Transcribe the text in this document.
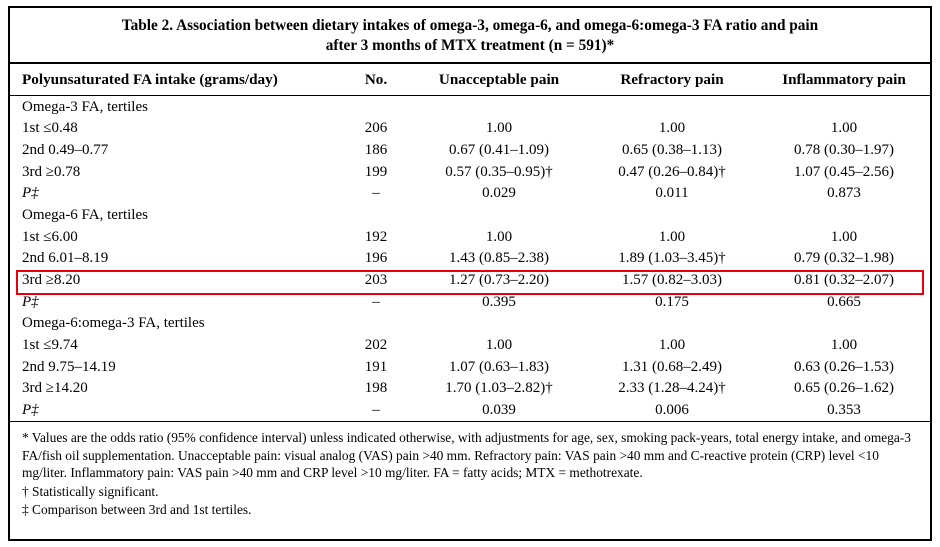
Table 2. Association between dietary intakes of omega-3, omega-6, and omega-6:omega-3 FA ratio and pain
after 3 months of MTX treatment (n = 591)*
Polyunsaturated FA intake (grams/day)	No.	Unacceptable pain	Refractory pain	Inflammatory pain
Omega-3 FA, tertiles				
1st ≤0.48	206	1.00	1.00	1.00
2nd 0.49–0.77	186	0.67 (0.41–1.09)	0.65 (0.38–1.13)	0.78 (0.30–1.97)
3rd ≥0.78	199	0.57 (0.35–0.95)†	0.47 (0.26–0.84)†	1.07 (0.45–2.56)
P‡	–	0.029	0.011	0.873
Omega-6 FA, tertiles				
1st ≤6.00	192	1.00	1.00	1.00
2nd 6.01–8.19	196	1.43 (0.85–2.38)	1.89 (1.03–3.45)†	0.79 (0.32–1.98)
3rd ≥8.20	203	1.27 (0.73–2.20)	1.57 (0.82–3.03)	0.81 (0.32–2.07)
P‡	–	0.395	0.175	0.665
Omega-6:omega-3 FA, tertiles				
1st ≤9.74	202	1.00	1.00	1.00
2nd 9.75–14.19	191	1.07 (0.63–1.83)	1.31 (0.68–2.49)	0.63 (0.26–1.53)
3rd ≥14.20	198	1.70 (1.03–2.82)†	2.33 (1.28–4.24)†	0.65 (0.26–1.62)
P‡	–	0.039	0.006	0.353

* Values are the odds ratio (95% confidence interval) unless indicated otherwise, with adjustments for age, sex, smoking pack-years, total energy intake, and omega-3 FA/fish oil supplementation. Unacceptable pain: visual analog (VAS) pain >40 mm. Refractory pain: VAS pain >40 mm and C-reactive protein (CRP) level <10 mg/liter. Inflammatory pain: VAS pain >40 mm and CRP level >10 mg/liter. FA = fatty acids; MTX = methotrexate.

† Statistically significant.

‡ Comparison between 3rd and 1st tertiles.
